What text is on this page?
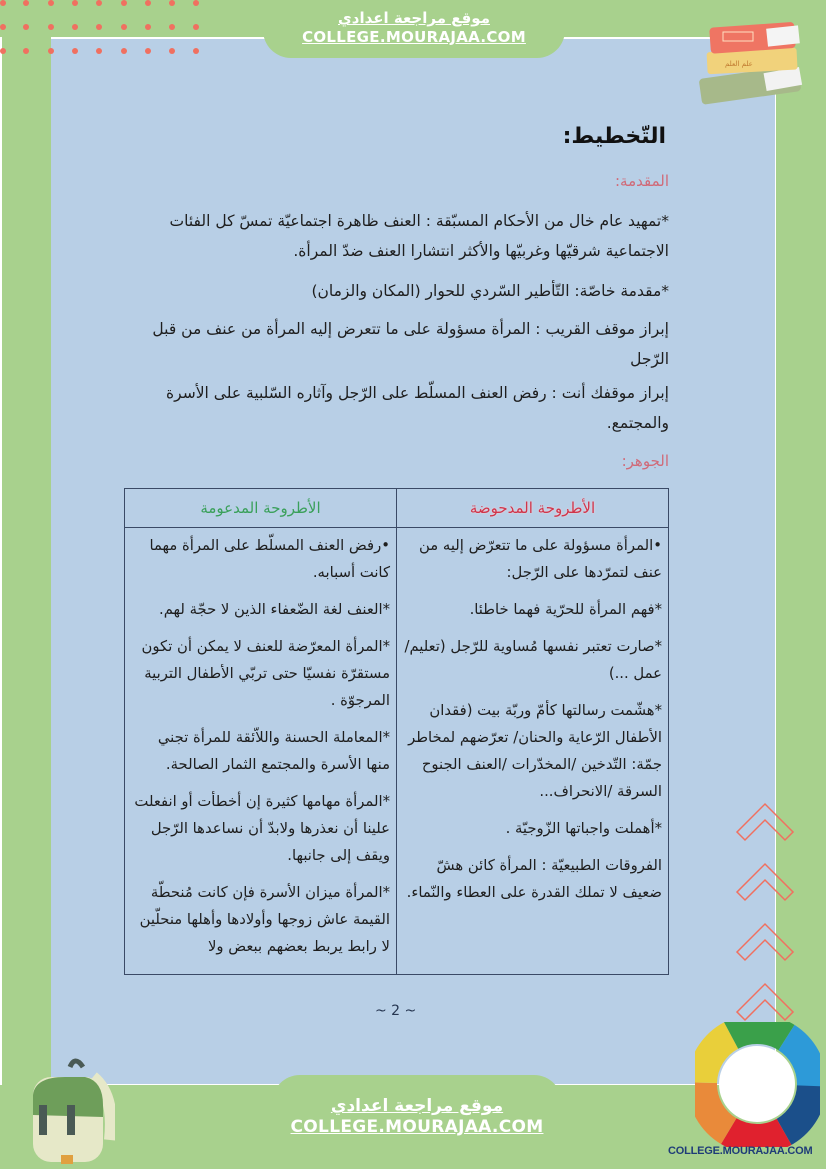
موقع مراجعة اعدادي
COLLEGE.MOURAJAA.COM
علم العلم
التّخطيط:
المقدمة:
*تمهيد عام خال من الأحكام المسبّقة : العنف ظاهرة اجتماعيّة تمسّ كل الفئات الاجتماعية شرقيّها وغربيّها والأكثر انتشارا العنف ضدّ المرأة.
*مقدمة خاصّة: التّأطير السّردي للحوار (المكان والزمان)
إبراز موقف القريب : المرأة مسؤولة على ما تتعرض إليه المرأة من عنف من قبل الرّجل
إبراز موقفك أنت : رفض العنف المسلّط على الرّجل وآثاره السّلبية على الأسرة والمجتمع.
الجوهر:
الأطروحة المدحوضة	الأطروحة المدعومة

•المرأة مسؤولة على ما تتعرّض إليه من عنف لتمرّدها على الرّجل:
*فهم المرأة للحرّية فهما خاطئا.
*صارت تعتبر نفسها مُساوية للرّجل (تعليم/عمل ...)
*هشّمت رسالتها كأمّ وربّة بيت (فقدان الأطفال الرّعاية والحنان/ تعرّضهم لمخاطر جمّة: التّدخين /المخدّرات /العنف الجنوح السرقة /الانحراف...
*أهملت واجباتها الزّوجيّة .
الفروقات الطبيعيّة : المرأة كائن هشّ ضعيف لا تملك القدرة على العطاء والنّماء.

•رفض العنف المسلّط على المرأة مهما كانت أسبابه.
*العنف لغة الضّعفاء الذين لا حجّة لهم.
*المرأة المعرّضة للعنف لا يمكن أن تكون مستقرّة نفسيّا حتى تربّي الأطفال التربية المرجوّة .
*المعاملة الحسنة واللاّئقة للمرأة تجني منها الأسرة والمجتمع الثمار الصالحة.
*المرأة مهامها كثيرة إن أخطأت أو انفعلت علينا أن نعذرها ولابدّ أن نساعدها الرّجل ويقف إلى جانبها.
*المرأة ميزان الأسرة فإن كانت مُنحطّة القيمة عاش زوجها وأولادها وأهلها منحلّين لا رابط يربط بعضهم ببعض ولا
~ 2 ~
COLLEGE.MOURAJAA.COM
موقع مراجعة اعدادي
COLLEGE.MOURAJAA.COM
